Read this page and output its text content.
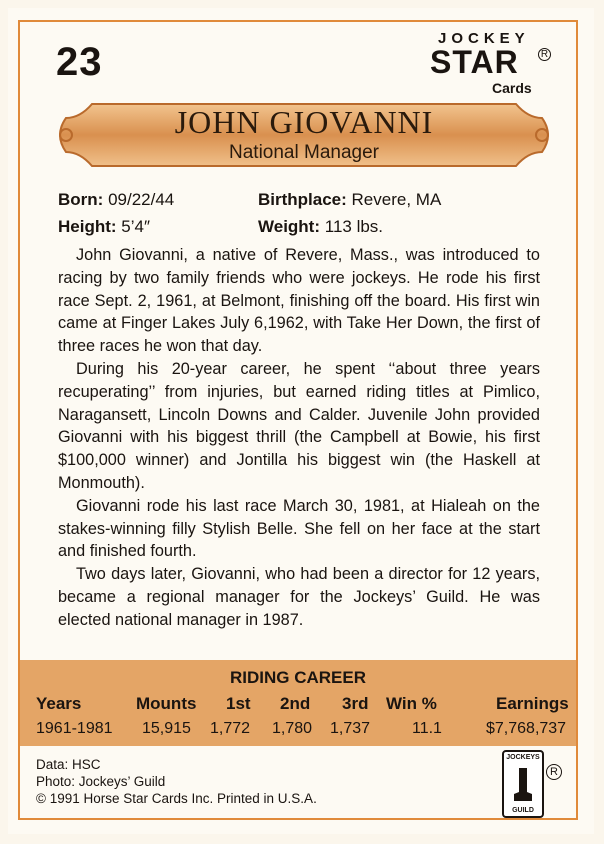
23
JOCKEY
STAR R
Cards
JOHN GIOVANNI
National Manager
Born: 09/22/44	Birthplace: Revere, MA
Height: 5’4″	Weight: 113 lbs.

John Giovanni, a native of Revere, Mass., was introduced to racing by two family friends who were jockeys. He rode his first race Sept. 2, 1961, at Belmont, finishing off the board. His first win came at Finger Lakes July 6,1962, with Take Her Down, the first of three races he won that day.

During his 20-year career, he spent ‘‘about three years recuperating’’ from injuries, but earned riding titles at Pimlico, Naragansett, Lincoln Downs and Calder. Juvenile John provided Giovanni with his biggest thrill (the Campbell at Bowie, his first $100,000 winner) and Jontilla his biggest win (the Haskell at Monmouth).

Giovanni rode his last race March 30, 1981, at Hialeah on the stakes-winning filly Stylish Belle. She fell on her face at the start and finished fourth.

Two days later, Giovanni, who had been a director for 12 years, became a regional manager for the Jockeys’ Guild. He was elected national manager in 1987.

RIDING CAREER
Years	Mounts 1st 2nd 3rd Win %	Earnings
1961-1981 15,915 1,772 1,780 1,737	11.1	$7,768,737
Data: HSC
Photo: Jockeys’ Guild
© 1991 Horse Star Cards Inc. Printed in U.S.A.
JOCKEYS
GUILD
R
